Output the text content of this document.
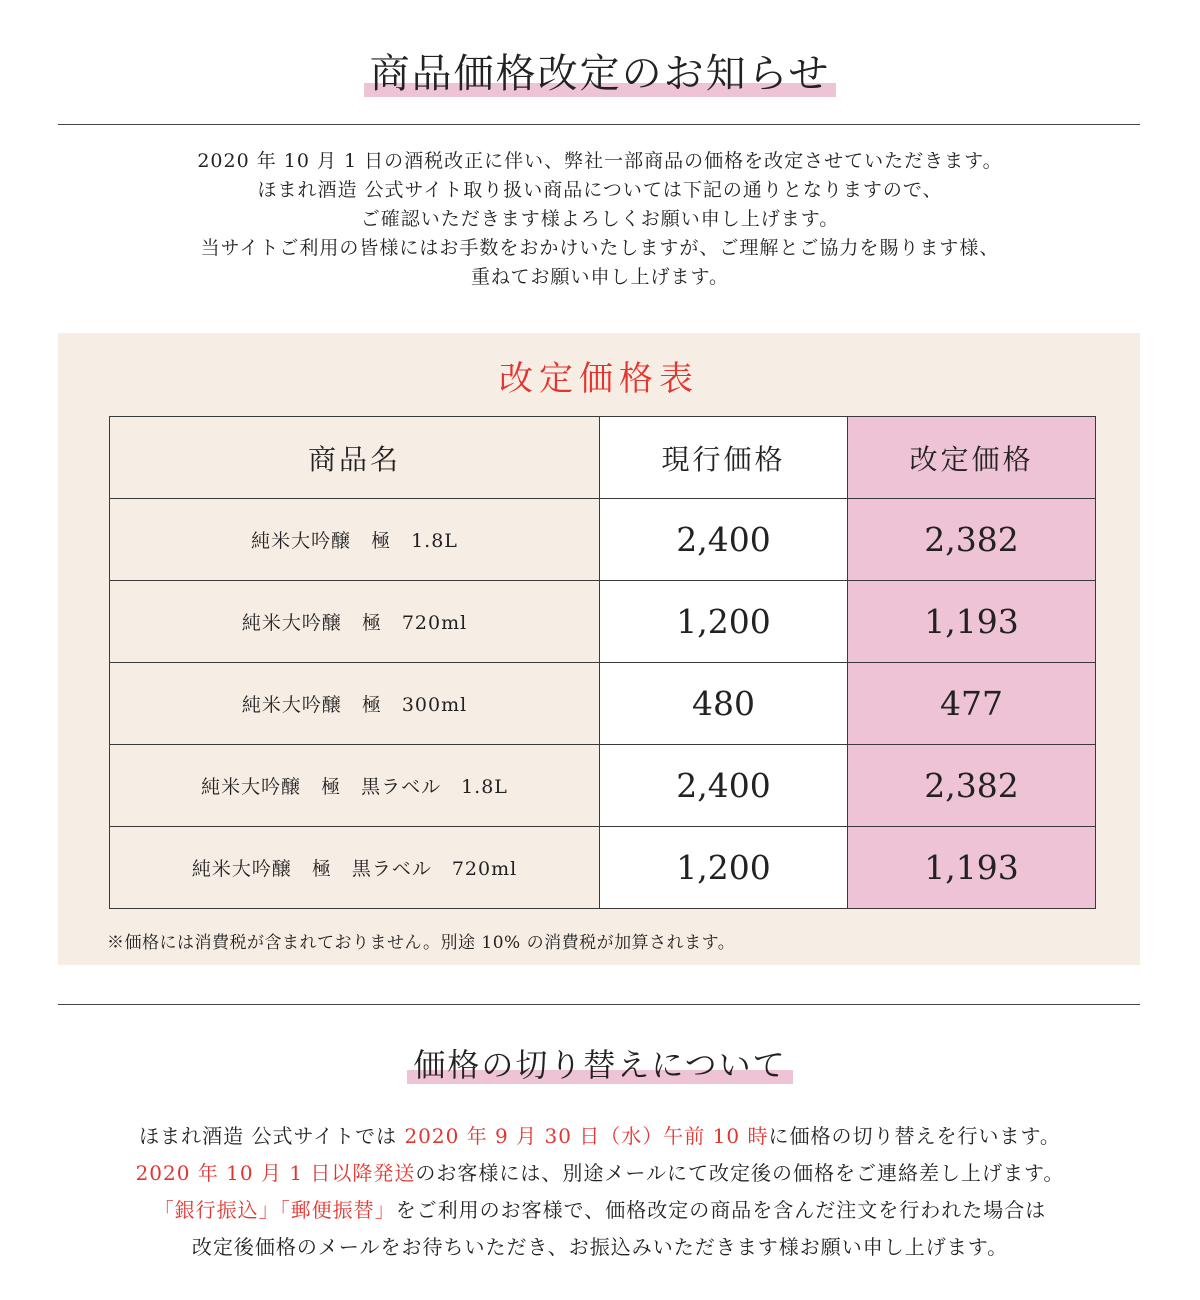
商品価格改定のお知らせ
2020 年 10 月 1 日の酒税改正に伴い、弊社一部商品の価格を改定させていただきます。
ほまれ酒造 公式サイト取り扱い商品については下記の通りとなりますので、
ご確認いただきます様よろしくお願い申し上げます。
当サイトご利用の皆様にはお手数をおかけいたしますが、ご理解とご協力を賜ります様、
重ねてお願い申し上げます。
改定価格表
商品名	現行価格	改定価格
純米大吟醸　極　1.8L	2,400	2,382
純米大吟醸　極　720ml	1,200	1,193
純米大吟醸　極　300ml	480	477
純米大吟醸　極　黒ラベル　1.8L	2,400	2,382
純米大吟醸　極　黒ラベル　720ml	1,200	1,193
※価格には消費税が含まれておりません。別途 10% の消費税が加算されます。
価格の切り替えについて
ほまれ酒造 公式サイトでは 2020 年 9 月 30 日（水）午前 10 時に価格の切り替えを行います。
2020 年 10 月 1 日以降発送のお客様には、別途メールにて改定後の価格をご連絡差し上げます。
「銀行振込」「郵便振替」をご利用のお客様で、価格改定の商品を含んだ注文を行われた場合は
改定後価格のメールをお待ちいただき、お振込みいただきます様お願い申し上げます。
